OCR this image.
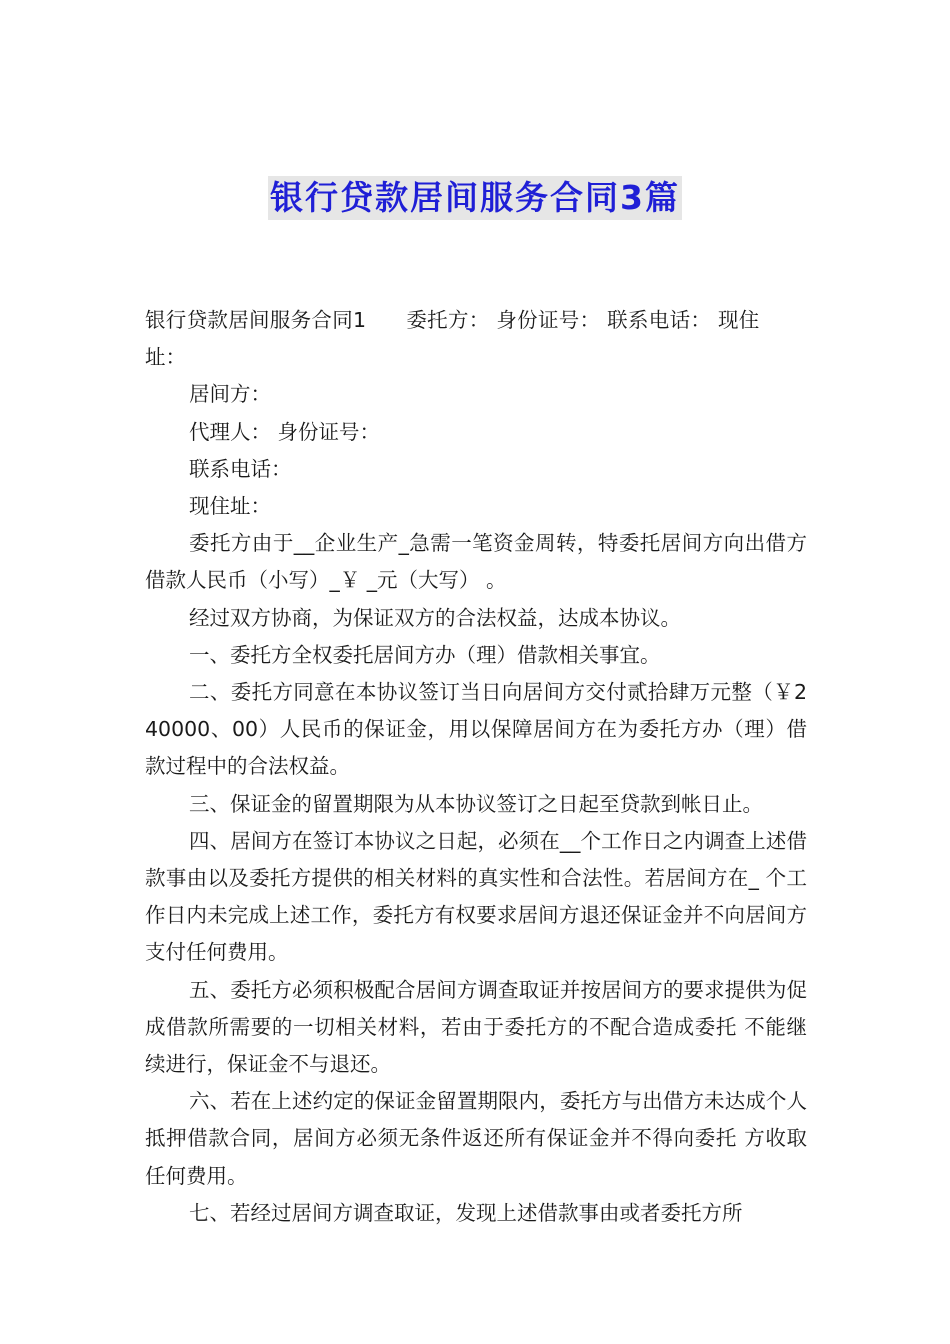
银行贷款居间服务合同3篇

银行贷款居间服务合同1 委托方： 身份证号： 联系电话： 现住

址：

居间方：

代理人： 身份证号：

联系电话：

现住址：

委托方由于__企业生产_急需一笔资金周转，特委托居间方向出借方借款人民币（小写）_￥ _元（大写） 。

经过双方协商，为保证双方的合法权益，达成本协议。

一、委托方全权委托居间方办（理）借款相关事宜。

二、委托方同意在本协议签订当日向居间方交付贰拾肆万元整（￥240000、00）人民币的保证金，用以保障居间方在为委托方办（理）借款过程中的合法权益。

三、保证金的留置期限为从本协议签订之日起至贷款到帐日止。

四、居间方在签订本协议之日起，必须在__个工作日之内调查上述借款事由以及委托方提供的相关材料的真实性和合法性。若居间方在_ 个工作日内未完成上述工作，委托方有权要求居间方退还保证金并不向居间方支付任何费用。

五、委托方必须积极配合居间方调查取证并按居间方的要求提供为促成借款所需要的一切相关材料，若由于委托方的不配合造成委托 不能继续进行，保证金不与退还。

六、若在上述约定的保证金留置期限内，委托方与出借方未达成个人抵押借款合同，居间方必须无条件返还所有保证金并不得向委托 方收取任何费用。

七、若经过居间方调查取证，发现上述借款事由或者委托方所
